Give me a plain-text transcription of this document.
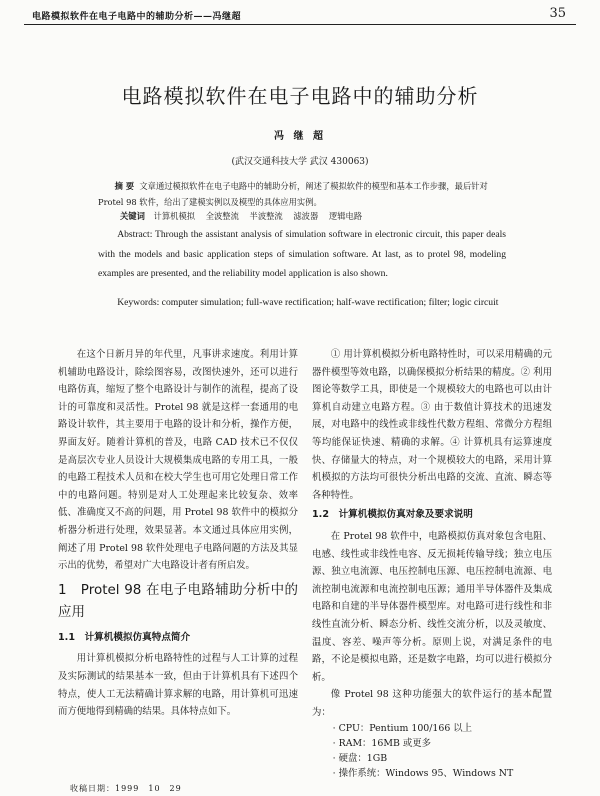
电路模拟软件在电子电路中的辅助分析——冯继超	35
电路模拟软件在电子电路中的辅助分析
冯 继 超
(武汉交通科技大学 武汉 430063)
摘 要 文章通过模拟软件在电子电路中的辅助分析，阐述了模拟软件的模型和基本工作步骤，最后针对 Protel 98 软件，给出了建模实例以及模型的具体应用实例。
关键词 计算机模拟 全波整流 半波整流 滤波器 逻辑电路
Abstract: Through the assistant analysis of simulation software in electronic circuit, this paper deals with the models and basic application steps of simulation software. At last, as to protel 98, modeling examples are presented, and the reliability model application is also shown.
Keywords: computer simulation; full-wave rectification; half-wave rectification; filter; logic circuit

在这个日新月异的年代里，凡事讲求速度。利用计算机辅助电路设计，除绘图容易，改图快速外，还可以进行电路仿真，缩短了整个电路设计与制作的流程，提高了设计的可靠度和灵活性。Protel 98 就是这样一套通用的电路设计软件，其主要用于电路的设计和分析，操作方便，界面友好。随着计算机的普及，电路 CAD 技术已不仅仅是高层次专业人员设计大规模集成电路的专用工具，一般的电路工程技术人员和在校大学生也可用它处理日常工作中的电路问题。特别是对人工处理起来比较复杂、效率低、准确度又不高的问题，用 Protel 98 软件中的模拟分析器分析进行处理，效果显著。本文通过具体应用实例，阐述了用 Protel 98 软件处理电子电路问题的方法及其显示出的优势，希望对广大电路设计者有所启发。

1　Protel 98 在电子电路辅助分析中的应用
1.1　计算机模拟仿真特点简介

用计算机模拟分析电路特性的过程与人工计算的过程及实际测试的结果基本一致，但由于计算机具有下述四个特点，使人工无法精确计算求解的电路，用计算机可迅速而方便地得到精确的结果。具体特点如下。

① 用计算机模拟分析电路特性时，可以采用精确的元器件模型等效电路，以确保模拟分析结果的精度。② 利用图论等数学工具，即使是一个规模较大的电路也可以由计算机自动建立电路方程。③ 由于数值计算技术的迅速发展，对电路中的线性或非线性代数方程组、常微分方程组等均能保证快速、精确的求解。④ 计算机具有运算速度快、存储量大的特点，对一个规模较大的电路，采用计算机模拟的方法均可很快分析出电路的交流、直流、瞬态等各种特性。

1.2　计算机模拟仿真对象及要求说明

在 Protel 98 软件中，电路模拟仿真对象包含电阻、电感、线性或非线性电容、反无损耗传输导线；独立电压源、独立电流源、电压控制电压源、电压控制电流源、电流控制电流源和电流控制电压源；通用半导体器件及集成电路和自建的半导体器件模型库。对电路可进行线性和非线性直流分析、瞬态分析、线性交流分析，以及灵敏度、温度、容差、噪声等分析。原则上说，对满足条件的电路，不论是模拟电路，还是数字电路，均可以进行模拟分析。

像 Protel 98 这种功能强大的软件运行的基本配置为：

· CPU：Pentium 100/166 以上

· RAM：16MB 或更多

· 硬盘：1GB

· 操作系统：Windows 95、Windows NT

收稿日期：1999　10　29
